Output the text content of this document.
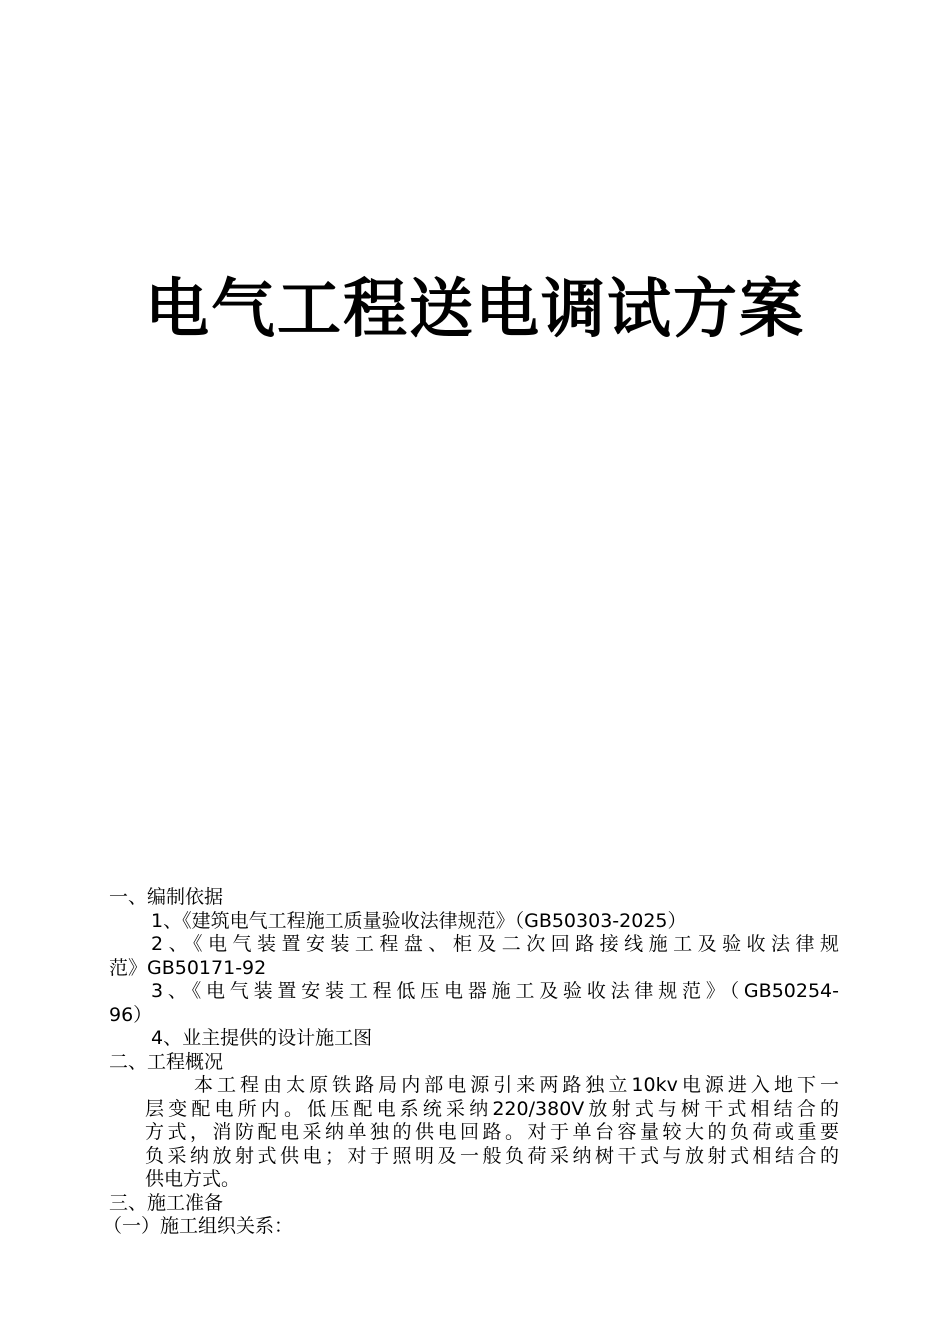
电气工程送电调试方案
一、编制依据
1、《建筑电气工程施工质量验收法律规范》（GB50303-2025）
2、《电气装置安装工程盘、柜及二次回路接线施工及验收法律规
范》GB50171-92
3、《电气装置安装工程低压电器施工及验收法律规范》（GB50254-
96）
4、业主提供的设计施工图
二、工程概况
本工程由太原铁路局内部电源引来两路独立10kv电源进入地下一
层变配电所内。低压配电系统采纳220/380V放射式与树干式相结合的
方式，消防配电采纳单独的供电回路。对于单台容量较大的负荷或重要
负采纳放射式供电；对于照明及一般负荷采纳树干式与放射式相结合的
供电方式。
三、施工准备
（一）施工组织关系：
